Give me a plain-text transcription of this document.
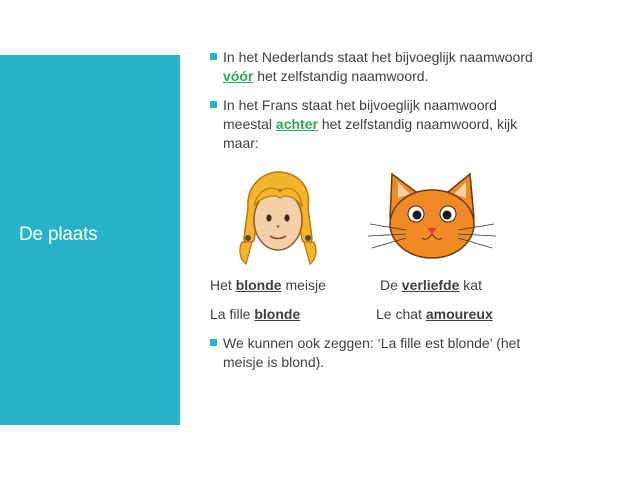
De plaats
In het Nederlands staat het bijvoeglijk naamwoord
vóór het zelfstandig naamwoord.
In het Frans staat het bijvoeglijk naamwoord
meestal achter het zelfstandig naamwoord, kijk
maar:
Het blonde meisje	De verliefde kat
La fille blonde	Le chat amoureux
We kunnen ook zeggen: ‘La fille est blonde’ (het
meisje is blond).
